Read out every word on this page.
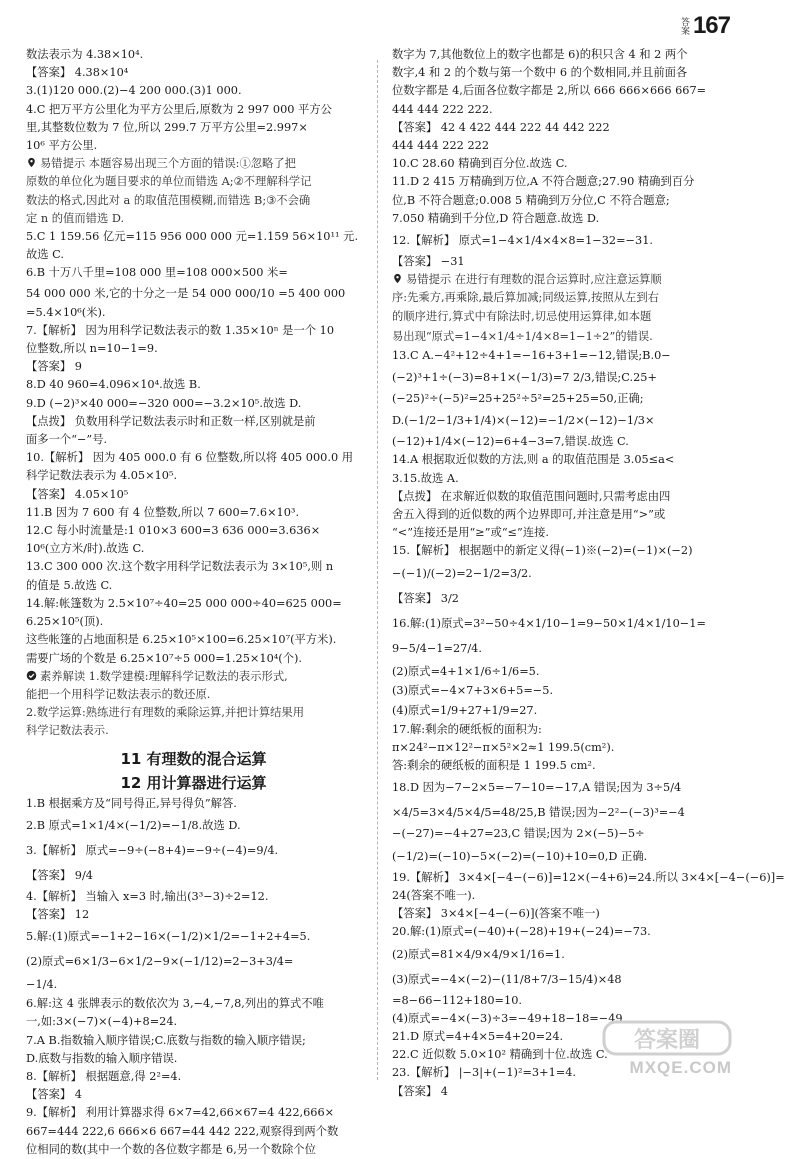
答案 167
数法表示为 4.38×10⁴.
【答案】 4.38×10⁴
3.(1)120 000.(2)−4 200 000.(3)1 000.
4.C 把万平方公里化为平方公里后,原数为 2 997 000 平方公
里,其整数位数为 7 位,所以 299.7 万平方公里=2.997×
10⁶ 平方公里.
易错提示 本题容易出现三个方面的错误:①忽略了把
原数的单位化为题目要求的单位而错选 A;②不理解科学记
数法的格式,因此对 a 的取值范围模糊,而错选 B;③不会确
定 n 的值而错选 D.
5.C 1 159.56 亿元=115 956 000 000 元=1.159 56×10¹¹ 元.
故选 C.
6.B 十万八千里=108 000 里=108 000×500 米=
54 000 000 米,它的十分之一是 54 000 000/10 =5 400 000
=5.4×10⁶(米).
7.【解析】 因为用科学记数法表示的数 1.35×10ⁿ 是一个 10
位整数,所以 n=10−1=9.
【答案】 9
8.D 40 960=4.096×10⁴.故选 B.
9.D (−2)³×40 000=−320 000=−3.2×10⁵.故选 D.
【点拨】 负数用科学记数法表示时和正数一样,区别就是前
面多一个“−”号.
10.【解析】 因为 405 000.0 有 6 位整数,所以将 405 000.0 用
科学记数法表示为 4.05×10⁵.
【答案】 4.05×10⁵
11.B 因为 7 600 有 4 位整数,所以 7 600=7.6×10³.
12.C 每小时流量是:1 010×3 600=3 636 000=3.636×
10⁶(立方米/时).故选 C.
13.C 300 000 次.这个数字用科学记数法表示为 3×10⁵,则 n
的值是 5.故选 C.
14.解:帐篷数为 2.5×10⁷÷40=25 000 000÷40=625 000=
6.25×10⁵(顶).
这些帐篷的占地面积是 6.25×10⁵×100=6.25×10⁷(平方米).
需要广场的个数是 6.25×10⁷÷5 000=1.25×10⁴(个).
素养解读 1.数学建模:理解科学记数法的表示形式,
能把一个用科学记数法表示的数还原.
2.数学运算:熟练进行有理数的乘除运算,并把计算结果用
科学记数法表示.
11 有理数的混合运算
12 用计算器进行运算
1.B 根据乘方及“同号得正,异号得负”解答.
2.B 原式=1×1/4×(−1/2)=−1/8.故选 D.
3.【解析】 原式=−9÷(−8+4)=−9÷(−4)=9/4.
【答案】 9/4
4.【解析】 当输入 x=3 时,输出(3³−3)÷2=12.
【答案】 12
5.解:(1)原式=−1+2−16×(−1/2)×1/2=−1+2+4=5.
(2)原式=6×1/3−6×1/2−9×(−1/12)=2−3+3/4=
−1/4.
6.解:这 4 张牌表示的数依次为 3,−4,−7,8,列出的算式不唯
一,如:3×(−7)×(−4)+8=24.
7.A B.指数输入顺序错误;C.底数与指数的输入顺序错误;
D.底数与指数的输入顺序错误.
8.【解析】 根据题意,得 2²=4.
【答案】 4
9.【解析】 利用计算器求得 6×7=42,66×67=4 422,666×
667=444 222,6 666×6 667=44 442 222,观察得到两个数
位相同的数(其中一个数的各位数字都是 6,另一个数除个位
数字为 7,其他数位上的数字也都是 6)的积只含 4 和 2 两个
数字,4 和 2 的个数与第一个数中 6 的个数相同,并且前面各
位数字都是 4,后面各位数字都是 2,所以 666 666×666 667=
444 444 222 222.
【答案】 42 4 422 444 222 44 442 222
444 444 222 222
10.C 28.60 精确到百分位.故选 C.
11.D 2 415 万精确到万位,A 不符合题意;27.90 精确到百分
位,B 不符合题意;0.008 5 精确到万分位,C 不符合题意;
7.050 精确到千分位,D 符合题意.故选 D.
12.【解析】 原式=1−4×1/4×4×8=1−32=−31.
【答案】 −31
易错提示 在进行有理数的混合运算时,应注意运算顺
序:先乘方,再乘除,最后算加减;同级运算,按照从左到右
的顺序进行,算式中有除法时,切忌使用运算律,如本题
易出现“原式=1−4×1/4÷1/4×8=1−1÷2”的错误.
13.C A.−4²+12÷4+1=−16+3+1=−12,错误;B.0−
(−2)³+1÷(−3)=8+1×(−1/3)=7 2/3,错误;C.25+
(−25)²÷(−5)²=25+25²÷5²=25+25=50,正确;
D.(−1/2−1/3+1/4)×(−12)=−1/2×(−12)−1/3×
(−12)+1/4×(−12)=6+4−3=7,错误.故选 C.
14.A 根据取近似数的方法,则 a 的取值范围是 3.05≤a<
3.15.故选 A.
【点拨】 在求解近似数的取值范围问题时,只需考虑由四
舍五入得到的近似数的两个边界即可,并注意是用“>”或
“<”连接还是用“≥”或“≤”连接.
15.【解析】 根据题中的新定义得(−1)※(−2)=(−1)×(−2)
−(−1)/(−2)=2−1/2=3/2.
【答案】 3/2
16.解:(1)原式=3²−50÷4×1/10−1=9−50×1/4×1/10−1=
9−5/4−1=27/4.
(2)原式=4+1×1/6÷1/6=5.
(3)原式=−4×7+3×6+5=−5.
(4)原式=1/9+27+1/9=27.
17.解:剩余的硬纸板的面积为:
π×24²−π×12²−π×5²×2≈1 199.5(cm²).
答:剩余的硬纸板的面积是 1 199.5 cm².
18.D 因为−7−2×5=−7−10=−17,A 错误;因为 3÷5/4
×4/5=3×4/5×4/5=48/25,B 错误;因为−2²−(−3)³=−4
−(−27)=−4+27=23,C 错误;因为 2×(−5)−5÷
(−1/2)=(−10)−5×(−2)=(−10)+10=0,D 正确.
19.【解析】 3×4×[−4−(−6)]=12×(−4+6)=24.所以 3×4×[−4−(−6)]=
24(答案不唯一).
【答案】 3×4×[−4−(−6)](答案不唯一)
20.解:(1)原式=(−40)+(−28)+19+(−24)=−73.
(2)原式=81×4/9×4/9×1/16=1.
(3)原式=−4×(−2)−(11/8+7/3−15/4)×48
=8−66−112+180=10.
(4)原式=−4×(−3)÷3=−49+18−18=−49.
21.D 原式=4+4×5=4+20=24.
22.C 近似数 5.0×10² 精确到十位.故选 C.
23.【解析】 |−3|+(−1)²=3+1=4.
【答案】 4
答案圈
MXQE.COM
